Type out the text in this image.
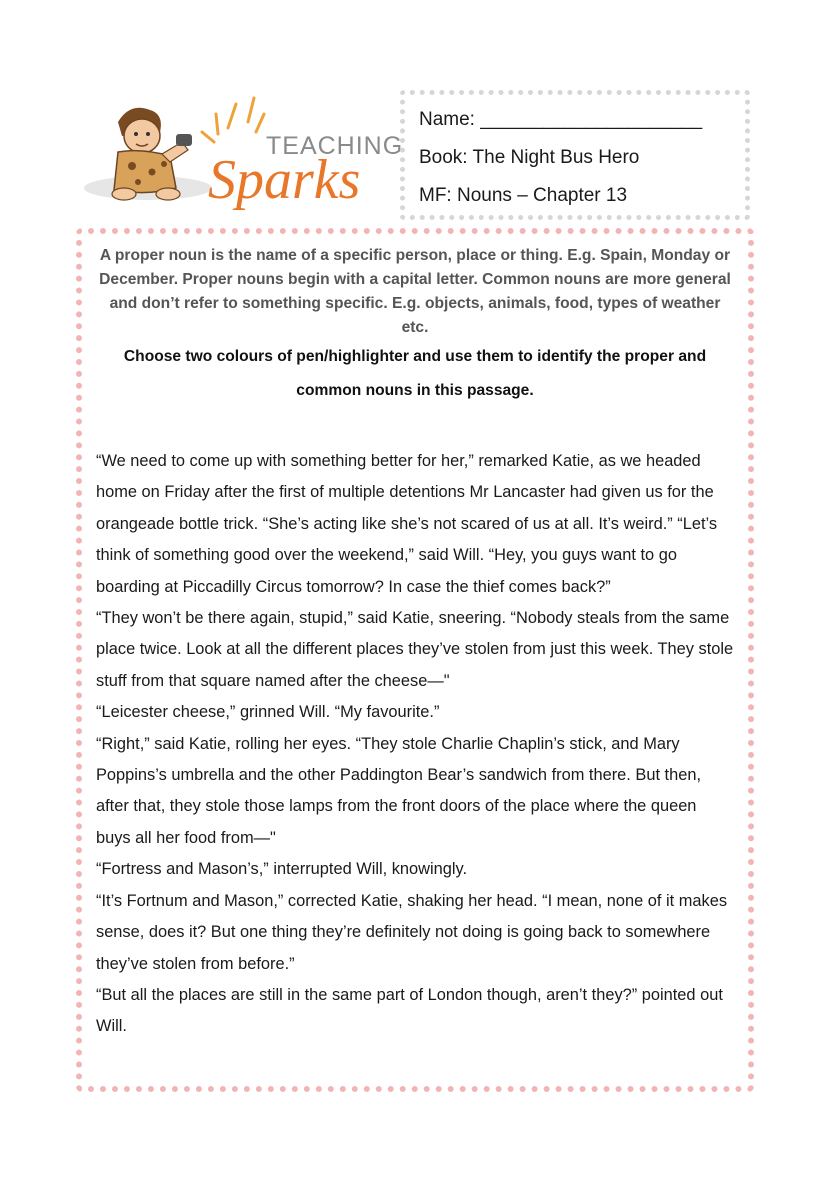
TEACHING
Sparks
Name: _____________________
Book: The Night Bus Hero
MF: Nouns – Chapter 13

A proper noun is the name of a specific person, place or thing. E.g. Spain, Monday or December. Proper nouns begin with a capital letter. Common nouns are more general and don’t refer to something specific. E.g. objects, animals, food, types of weather etc.

Choose two colours of pen/highlighter and use them to identify the proper and common nouns in this passage.

“We need to come up with something better for her,” remarked Katie, as we headed home on Friday after the first of multiple detentions Mr Lancaster had given us for the orangeade bottle trick. “She’s acting like she’s not scared of us at all. It’s weird.” “Let’s think of something good over the weekend,” said Will. “Hey, you guys want to go boarding at Piccadilly Circus tomorrow? In case the thief comes back?”

“They won’t be there again, stupid,” said Katie, sneering. “Nobody steals from the same place twice. Look at all the different places they’ve stolen from just this week. They stole stuff from that square named after the cheese—"

“Leicester cheese,” grinned Will. “My favourite.”

“Right,” said Katie, rolling her eyes. “They stole Charlie Chaplin’s stick, and Mary Poppins’s umbrella and the other Paddington Bear’s sandwich from there. But then, after that, they stole those lamps from the front doors of the place where the queen buys all her food from—"

“Fortress and Mason’s,” interrupted Will, knowingly.

“It’s Fortnum and Mason,” corrected Katie, shaking her head. “I mean, none of it makes sense, does it? But one thing they’re definitely not doing is going back to somewhere they’ve stolen from before.”

“But all the places are still in the same part of London though, aren’t they?” pointed out Will.
